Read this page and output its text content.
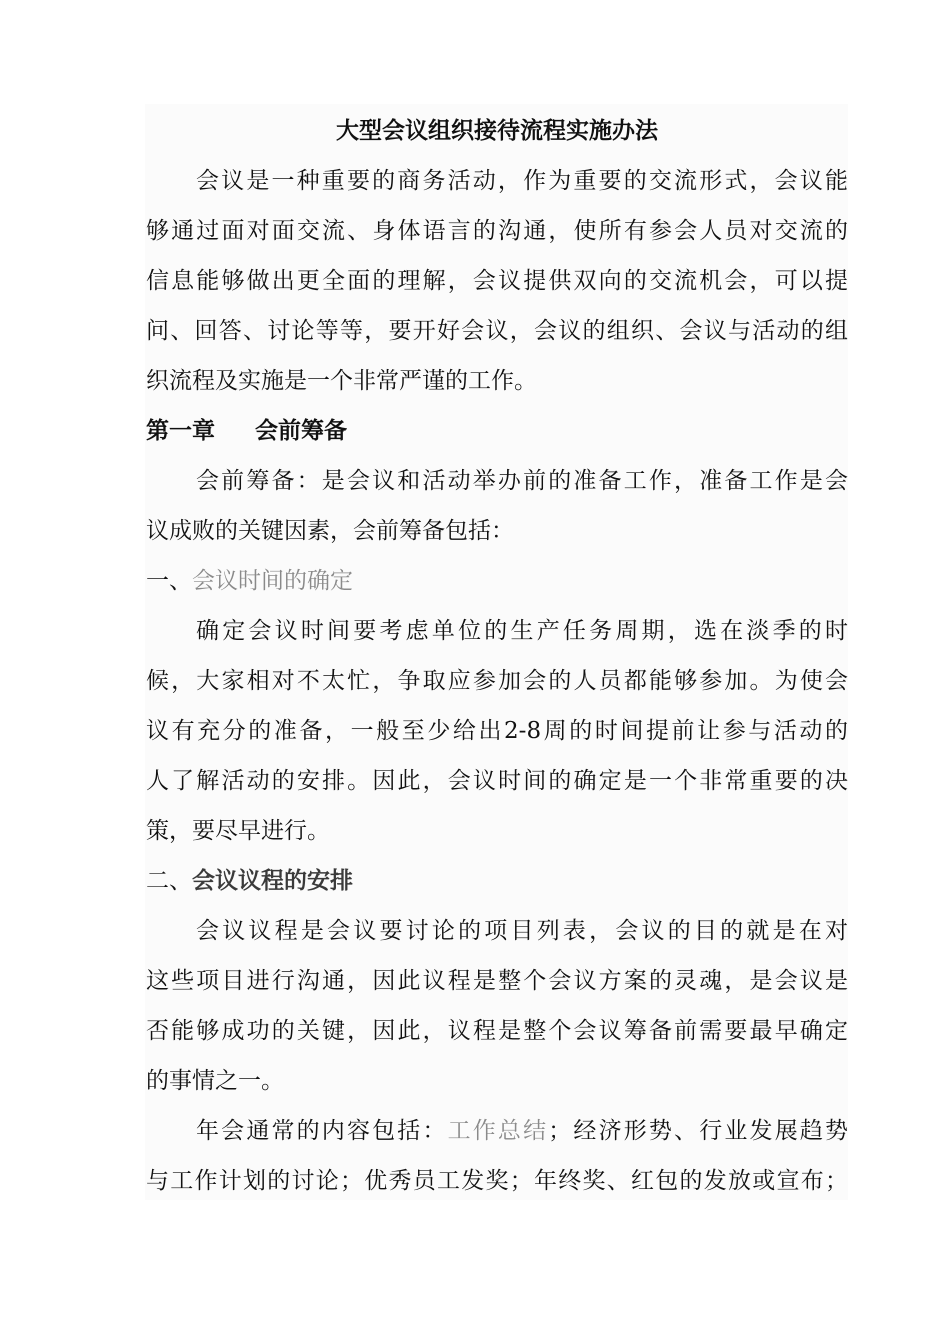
大型会议组织接待流程实施办法
会议是一种重要的商务活动，作为重要的交流形式，会议能
够通过面对面交流、身体语言的沟通，使所有参会人员对交流的
信息能够做出更全面的理解，会议提供双向的交流机会，可以提
问、回答、讨论等等，要开好会议，会议的组织、会议与活动的组
织流程及实施是一个非常严谨的工作。
第一章 会前筹备
会前筹备：是会议和活动举办前的准备工作，准备工作是会
议成败的关键因素，会前筹备包括：
一、会议时间的确定
确定会议时间要考虑单位的生产任务周期，选在淡季的时
候，大家相对不太忙，争取应参加会的人员都能够参加。为使会
议有充分的准备，一般至少给出2-8周的时间提前让参与活动的
人了解活动的安排。因此，会议时间的确定是一个非常重要的决
策，要尽早进行。
二、会议议程的安排
会议议程是会议要讨论的项目列表，会议的目的就是在对
这些项目进行沟通，因此议程是整个会议方案的灵魂，是会议是
否能够成功的关键，因此，议程是整个会议筹备前需要最早确定
的事情之一。
年会通常的内容包括：工作总结；经济形势、行业发展趋势
与工作计划的讨论；优秀员工发奖；年终奖、红包的发放或宣布；
